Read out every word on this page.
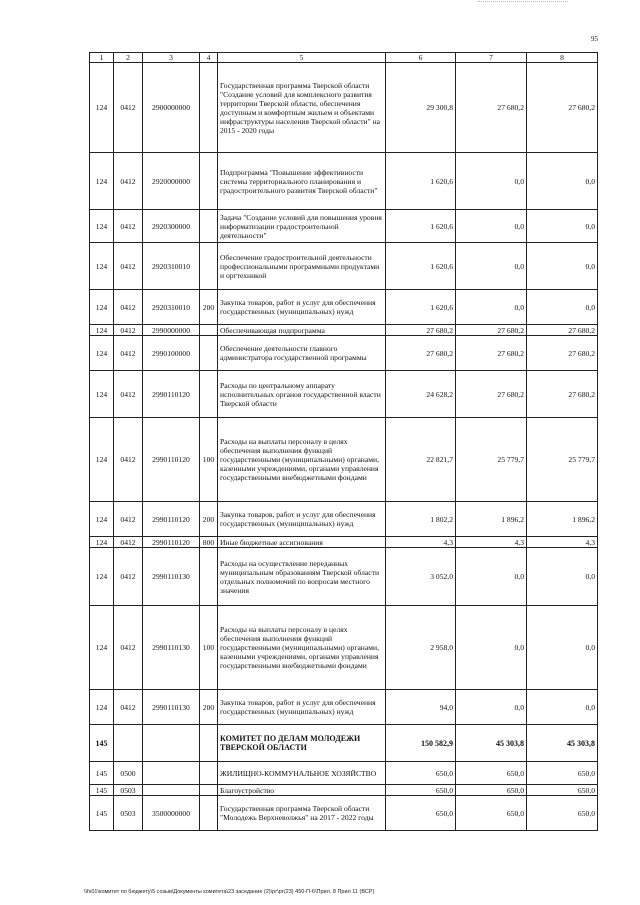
95
1	2	3	4	5	6	7	8
124	0412	2900000000		Государственная программа Тверской области "Создание условий для комплексного развития территории Тверской области, обеспечения доступным и комфортным жильем и объектами инфраструктуры населения Тверской области" на 2015 - 2020 годы	29 300,8	27 680,2	27 680,2
124	0412	2920000000		Подпрограмма "Повышение эффективности системы территориального планирования и градостроительного развития Тверской области"	1 620,6	0,0	0,0
124	0412	2920300000		Задача "Создание условий для повышения уровня информатизации градостроительной деятельности"	1 620,6	0,0	0,0
124	0412	2920310010		Обеспечение градостроительной деятельности профессиональными программными продуктами и оргтехникой	1 620,6	0,0	0,0
124	0412	2920310010	200	Закупка товаров, работ и услуг для обеспечения государственных (муниципальных) нужд	1 620,6	0,0	0,0
124	0412	2990000000		Обеспечивающая подпрограмма	27 680,2	27 680,2	27 680,2
124	0412	2990100000		Обеспечение деятельности главного администратора государственной программы	27 680,2	27 680,2	27 680,2
124	0412	2990110120		Расходы по центральному аппарату исполнительных органов государственной власти Тверской области	24 628,2	27 680,2	27 680,2
124	0412	2990110120	100	Расходы на выплаты персоналу в целях обеспечения выполнения функций государственными (муниципальными) органами, казенными учреждениями, органами управления государственными внебюджетными фондами	22 821,7	25 779,7	25 779,7
124	0412	2990110120	200	Закупка товаров, работ и услуг для обеспечения государственных (муниципальных) нужд	1 802,2	1 896,2	1 896,2
124	0412	2990110120	800	Иные бюджетные ассигнования	4,3	4,3	4,3
124	0412	2990110130		Расходы на осуществление переданных муниципальным образованиям Тверской области отдельных полномочий по вопросам местного значения	3 052,0	0,0	0,0
124	0412	2990110130	100	Расходы на выплаты персоналу в целях обеспечения выполнения функций государственными (муниципальными) органами, казенными учреждениями, органами управления государственными внебюджетными фондами	2 958,0	0,0	0,0
124	0412	2990110130	200	Закупка товаров, работ и услуг для обеспечения государственных (муниципальных) нужд	94,0	0,0	0,0
145				КОМИТЕТ ПО ДЕЛАМ МОЛОДЕЖИ ТВЕРСКОЙ ОБЛАСТИ	150 582,9	45 303,8	45 303,8
145	0500			ЖИЛИЩНО-КОММУНАЛЬНОЕ ХОЗЯЙСТВО	650,0	650,0	650,0
145	0503			Благоустройство	650,0	650,0	650,0
145	0503	3500000000		Государственная программа Тверской области "Молодежь Верхневолжья" на 2017 - 2022 годы	650,0	650,0	650,0
\\fs01\комитет по бюджету\5 созыв\Документы комитета\23 заседание (2)\рг\рг(23) 450-П-6\Прил. 8 Прил 11 (ВСР)
